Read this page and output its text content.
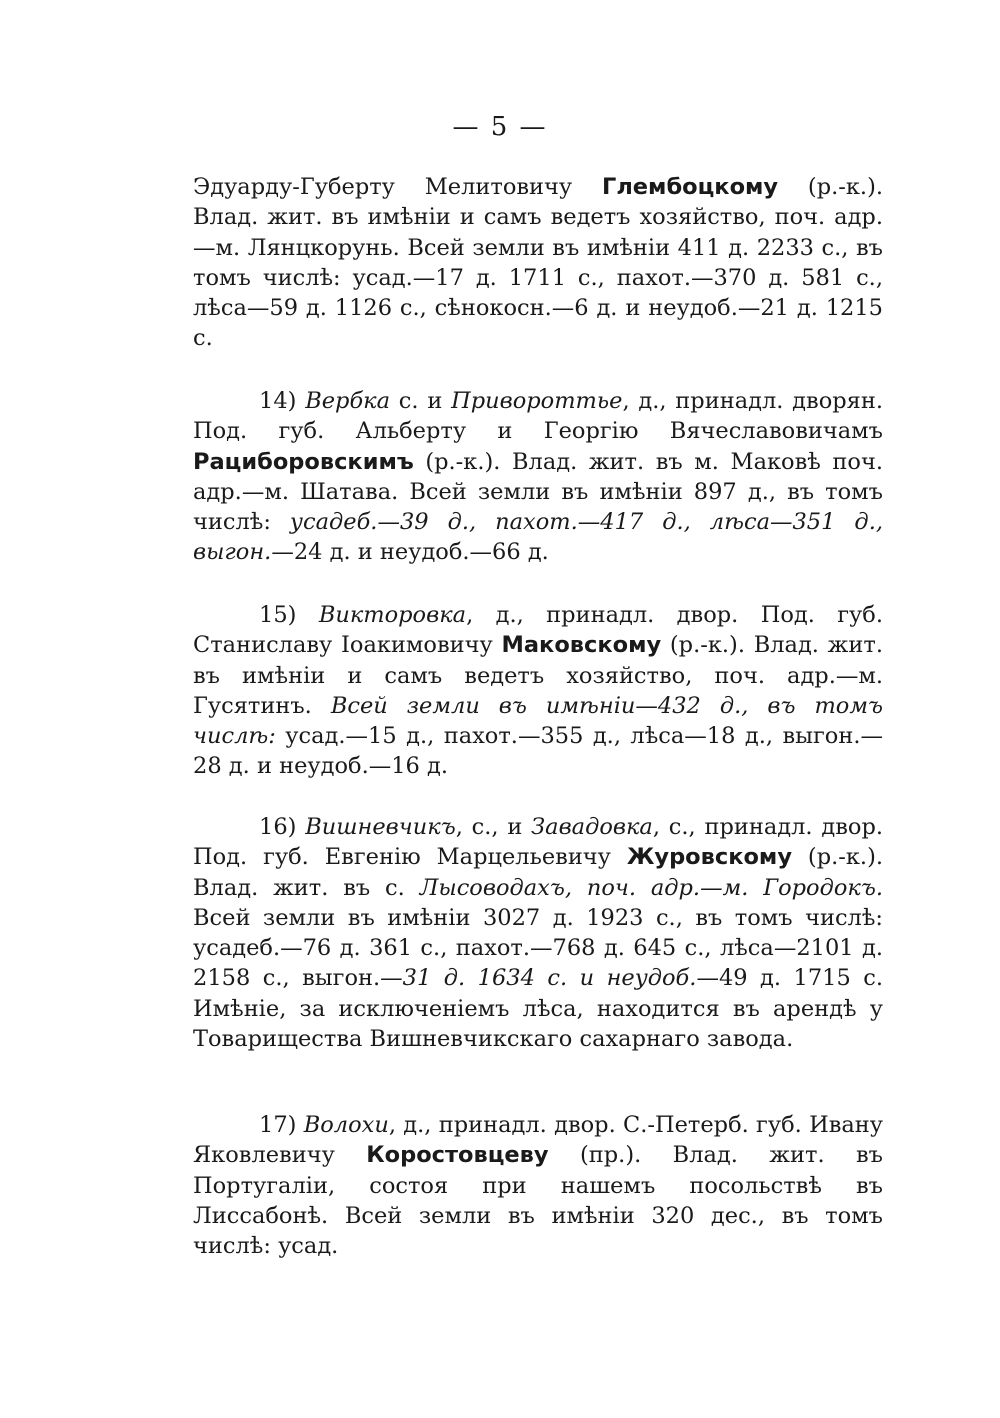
— 5 —

Эдуарду-Губерту Мелитовичу Глембоцкому (р.-к.). Влад. жит. въ имѣніи и самъ ведетъ хозяйство, поч. адр.—м. Лянцкорунь. Всей земли въ имѣніи 411 д. 2233 с., въ томъ числѣ: усад.—17 д. 1711 с., пахот.—370 д. 581 с., лѣса—59 д. 1126 с., сѣнокосн.—6 д. и неудоб.—21 д. 1215 с.

14) Вербка с. и Привороттье, д., принадл. дворян. Под. губ. Альберту и Георгію Вячеславовичамъ Рацибоpовскимъ (р.-к.). Влад. жит. въ м. Маковѣ поч. адр.—м. Шатава. Всей земли въ имѣніи 897 д., въ томъ числѣ: усадеб.—39 д., пахот.—417 д., лѣса—351 д., выгон.—24 д. и неудоб.—66 д.

15) Викторовка, д., принадл. двор. Под. губ. Станиславу Іоакимовичу Маковскому (р.-к.). Влад. жит. въ имѣніи и самъ ведетъ хозяйство, поч. адр.—м. Гусятинъ. Всей земли въ имѣніи—432 д., въ томъ числѣ: усад.—15 д., пахот.—355 д., лѣса—18 д., выгон.—28 д. и неудоб.—16 д.

16) Вишневчикъ, с., и Завадовка, с., принадл. двор. Под. губ. Евгенію Марцельевичу Журовскому (р.-к.). Влад. жит. въ с. Лысоводахъ, поч. адр.—м. Городокъ. Всей земли въ имѣніи 3027 д. 1923 с., въ томъ числѣ: усадеб.—76 д. 361 с., пахот.—768 д. 645 с., лѣса—2101 д. 2158 с., выгон.—31 д. 1634 с. и неудоб.—49 д. 1715 с. Имѣніе, за исключеніемъ лѣса, находится въ арендѣ у Товарищества Вишневчикскаго сахарнаго завода.

17) Волохи, д., принадл. двор. С.-Петерб. губ. Ивану Яковлевичу Коростовцеву (пр.). Влад. жит. въ Португаліи, состоя при нашемъ посольствѣ въ Лиссабонѣ. Всей земли въ имѣніи 320 дес., въ томъ числѣ: усад.
